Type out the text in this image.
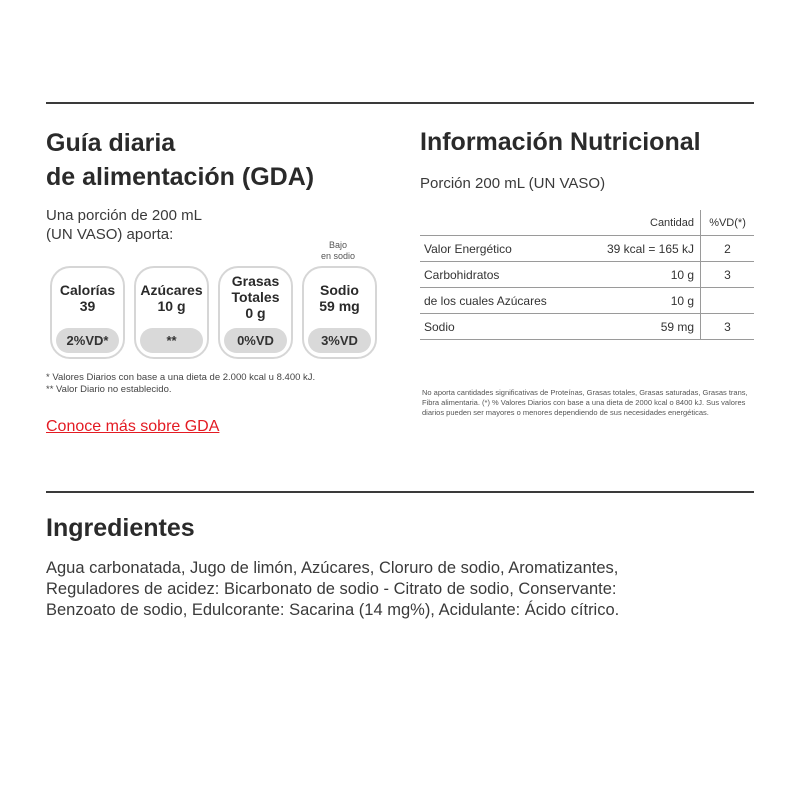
Guía diaria
de alimentación (GDA)
Una porción de 200 mL
(UN VASO) aporta:
Bajo
en sodio
Calorías
39
2%VD*
Azúcares
10 g
**
Grasas
Totales
0 g
0%VD
Sodio
59 mg
3%VD
* Valores Diarios con base a una dieta de 2.000 kcal u 8.400 kJ.
** Valor Diario no establecido.
Conoce más sobre GDA
Información Nutricional
Porción 200 mL (UN VASO)
	Cantidad	%VD(*)
Valor Energético	39 kcal = 165 kJ	2
Carbohidratos	10 g	3
de los cuales Azúcares	10 g	
Sodio	59 mg	3
No aporta cantidades significativas de Proteínas, Grasas totales, Grasas saturadas, Grasas trans, Fibra alimentaria. (*) % Valores Diarios con base a una dieta de 2000 kcal o 8400 kJ. Sus valores diarios pueden ser mayores o menores dependiendo de sus necesidades energéticas.
Ingredientes
Agua carbonatada, Jugo de limón, Azúcares, Cloruro de sodio, Aromatizantes,
Reguladores de acidez: Bicarbonato de sodio - Citrato de sodio, Conservante:
Benzoato de sodio, Edulcorante: Sacarina (14 mg%), Acidulante: Ácido cítrico.
